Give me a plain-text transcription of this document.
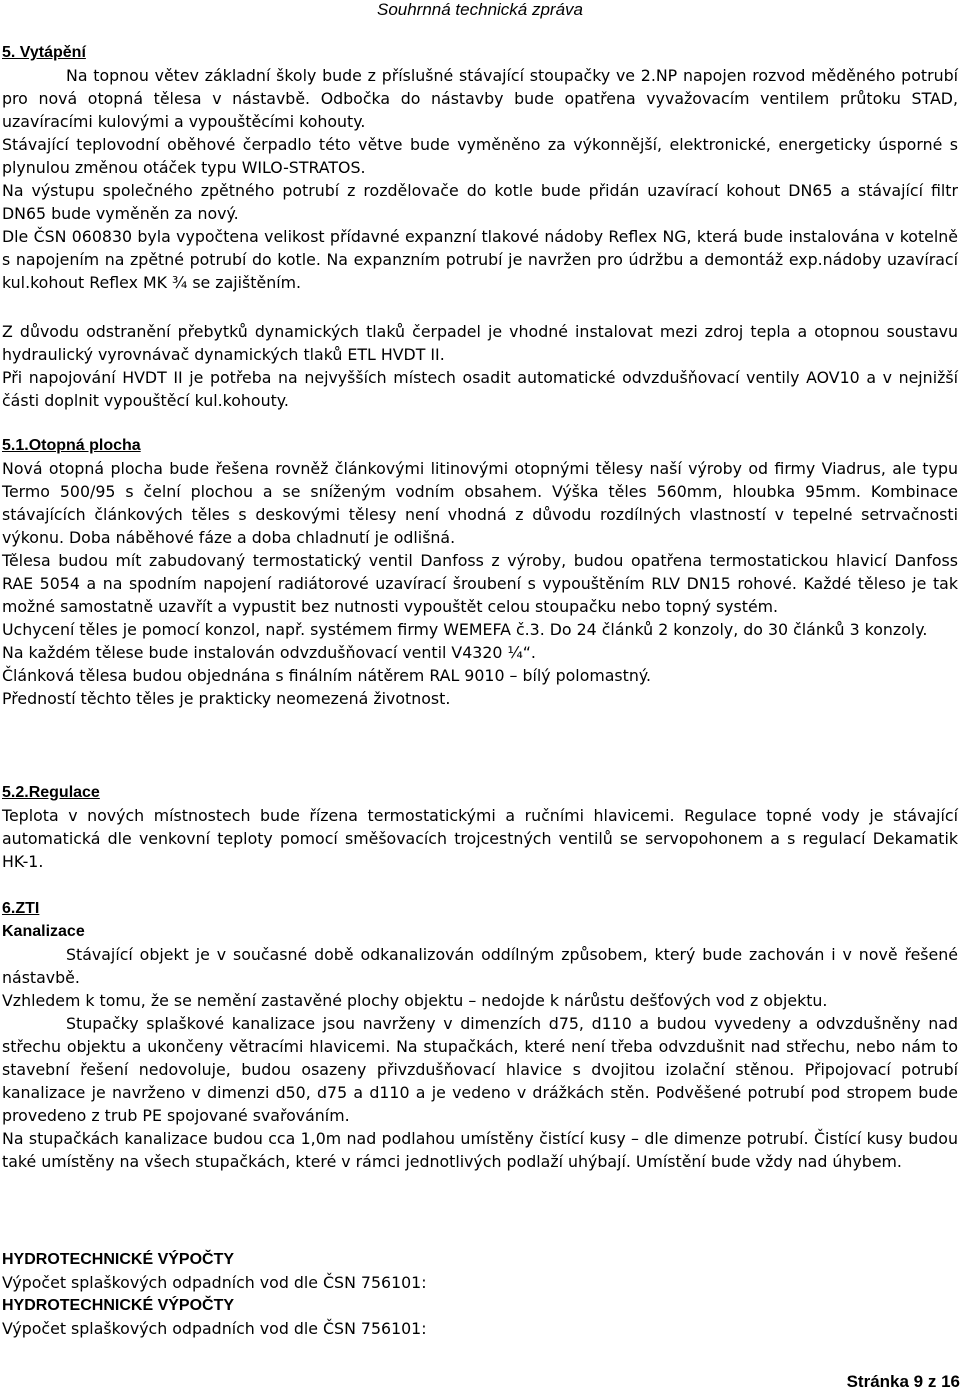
Souhrnná technická zpráva

5. Vytápění

Na topnou větev základní školy bude z příslušné stávající stoupačky ve 2.NP napojen rozvod měděného potrubí pro nová otopná tělesa v nástavbě. Odbočka do nástavby bude opatřena vyvažovacím ventilem průtoku STAD, uzavíracími kulovými a vypouštěcími kohouty.

Stávající teplovodní oběhové čerpadlo této větve bude vyměněno za výkonnější, elektronické, energeticky úsporné s plynulou změnou otáček typu WILO-STRATOS.

Na výstupu společného zpětného potrubí z rozdělovače do kotle bude přidán uzavírací kohout DN65 a stávající filtr DN65 bude vyměněn za nový.

Dle ČSN 060830 byla vypočtena velikost přídavné expanzní tlakové nádoby Reflex NG, která bude instalována v kotelně s napojením na zpětné potrubí do kotle. Na expanzním potrubí je navržen pro údržbu a demontáž exp.nádoby uzavírací kul.kohout Reflex MK ¾ se zajištěním.

Z důvodu odstranění přebytků dynamických tlaků čerpadel je vhodné instalovat mezi zdroj tepla a otopnou soustavu hydraulický vyrovnávač dynamických tlaků ETL HVDT II.

Při napojování HVDT II je potřeba na nejvyšších místech osadit automatické odvzdušňovací ventily AOV10 a v nejnižší části doplnit vypouštěcí kul.kohouty.

5.1.Otopná plocha

Nová otopná plocha bude řešena rovněž článkovými litinovými otopnými tělesy naší výroby od firmy Viadrus, ale typu Termo 500/95 s čelní plochou a se sníženým vodním obsahem. Výška těles 560mm, hloubka 95mm. Kombinace stávajících článkových těles s deskovými tělesy není vhodná z důvodu rozdílných vlastností v tepelné setrvačnosti výkonu. Doba náběhové fáze a doba chladnutí je odlišná.

Tělesa budou mít zabudovaný termostatický ventil Danfoss z výroby, budou opatřena termostatickou hlavicí Danfoss RAE 5054 a na spodním napojení radiátorové uzavírací šroubení s vypouštěním RLV DN15 rohové. Každé těleso je tak možné samostatně uzavřít a vypustit bez nutnosti vypouštět celou stoupačku nebo topný systém.

Uchycení těles je pomocí konzol, např. systémem firmy WEMEFA č.3. Do 24 článků 2 konzoly, do 30 článků 3 konzoly.

Na každém tělese bude instalován odvzdušňovací ventil V4320 ¼“.

Článková tělesa budou objednána s finálním nátěrem RAL 9010 – bílý polomastný.

Předností těchto těles je prakticky neomezená životnost.

5.2.Regulace

Teplota v nových místnostech bude řízena termostatickými a ručními hlavicemi. Regulace topné vody je stávající automatická dle venkovní teploty pomocí směšovacích trojcestných ventilů se servopohonem a s regulací Dekamatik HK-1.

6.ZTI

Kanalizace

Stávající objekt je v současné době odkanalizován oddílným způsobem, který bude zachován i v nově řešené nástavbě.

Vzhledem k tomu, že se nemění zastavěné plochy objektu – nedojde k nárůstu dešťových vod z objektu.

Stupačky splaškové kanalizace jsou navrženy v dimenzích d75, d110 a budou vyvedeny a odvzdušněny nad střechu objektu a ukončeny větracími hlavicemi. Na stupačkách, které není třeba odvzdušnit nad střechu, nebo nám to stavební řešení nedovoluje, budou osazeny přivzdušňovací hlavice s dvojitou izolační stěnou. Připojovací potrubí kanalizace je navrženo v dimenzi d50, d75 a d110 a je vedeno v drážkách stěn. Podvěšené potrubí pod stropem bude provedeno z trub PE spojované svařováním.

Na stupačkách kanalizace budou cca 1,0m nad podlahou umístěny čistící kusy – dle dimenze potrubí. Čistící kusy budou také umístěny na všech stupačkách, které v rámci jednotlivých podlaží uhýbají. Umístění bude vždy nad úhybem.

HYDROTECHNICKÉ VÝPOČTY

Výpočet splaškových odpadních vod dle ČSN 756101:

HYDROTECHNICKÉ VÝPOČTY

Výpočet splaškových odpadních vod dle ČSN 756101:

Stránka 9 z 16
